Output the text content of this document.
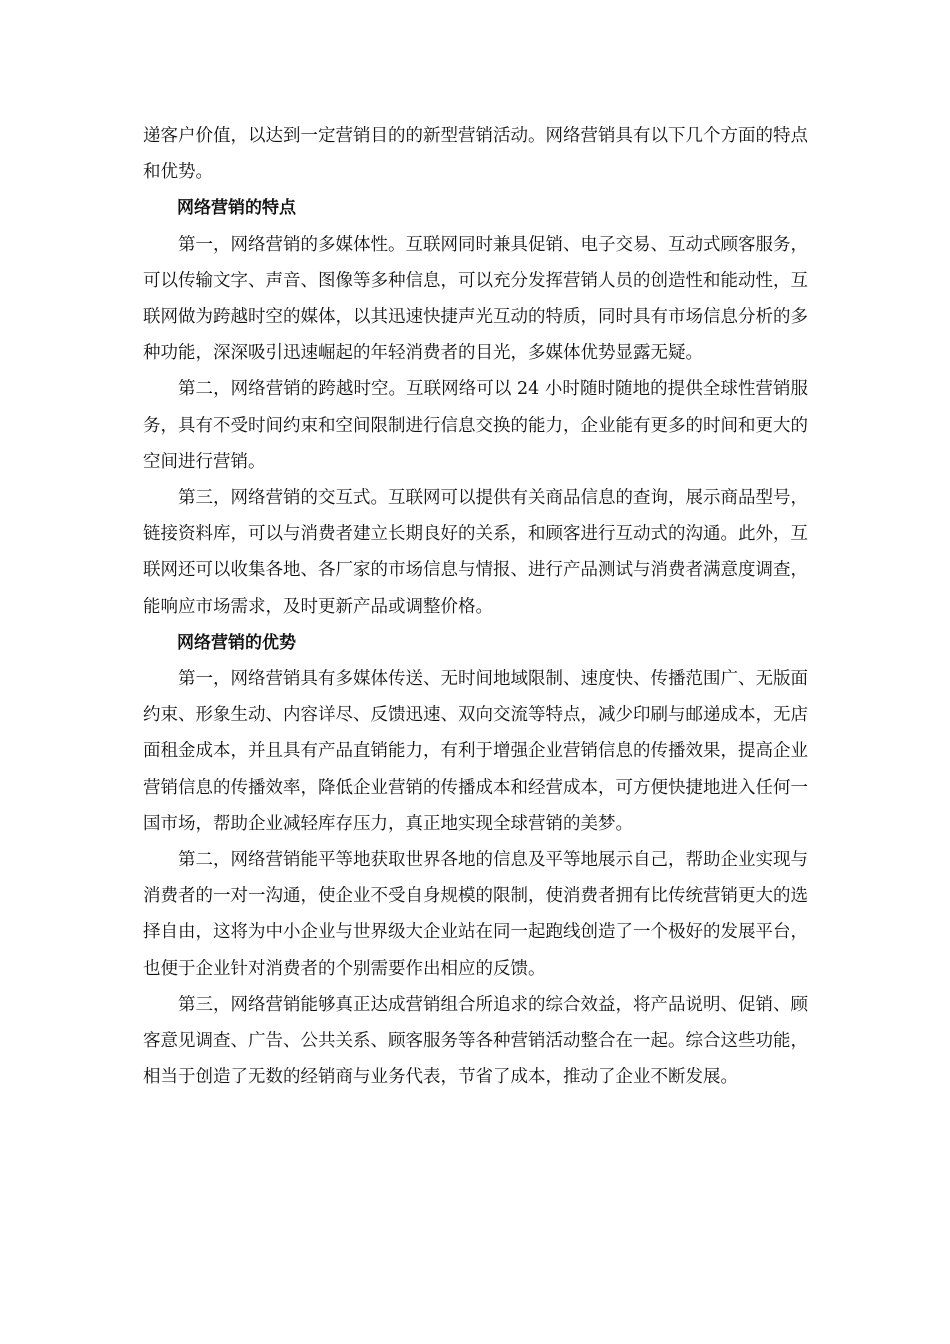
递客户价值，以达到一定营销目的的新型营销活动。网络营销具有以下几个方面的特点和优势。

网络营销的特点

第一，网络营销的多媒体性。互联网同时兼具促销、电子交易、互动式顾客服务，可以传输文字、声音、图像等多种信息，可以充分发挥营销人员的创造性和能动性，互联网做为跨越时空的媒体，以其迅速快捷声光互动的特质，同时具有市场信息分析的多种功能，深深吸引迅速崛起的年轻消费者的目光，多媒体优势显露无疑。

第二，网络营销的跨越时空。互联网络可以 24 小时随时随地的提供全球性营销服务，具有不受时间约束和空间限制进行信息交换的能力，企业能有更多的时间和更大的空间进行营销。

第三，网络营销的交互式。互联网可以提供有关商品信息的查询，展示商品型号，链接资料库，可以与消费者建立长期良好的关系，和顾客进行互动式的沟通。此外，互联网还可以收集各地、各厂家的市场信息与情报、进行产品测试与消费者满意度调查，能响应市场需求，及时更新产品或调整价格。

网络营销的优势

第一，网络营销具有多媒体传送、无时间地域限制、速度快、传播范围广、无版面约束、形象生动、内容详尽、反馈迅速、双向交流等特点，减少印刷与邮递成本，无店面租金成本，并且具有产品直销能力，有利于增强企业营销信息的传播效果，提高企业营销信息的传播效率，降低企业营销的传播成本和经营成本，可方便快捷地进入任何一国市场，帮助企业减轻库存压力，真正地实现全球营销的美梦。

第二，网络营销能平等地获取世界各地的信息及平等地展示自己，帮助企业实现与消费者的一对一沟通，使企业不受自身规模的限制，使消费者拥有比传统营销更大的选择自由，这将为中小企业与世界级大企业站在同一起跑线创造了一个极好的发展平台，也便于企业针对消费者的个别需要作出相应的反馈。

第三，网络营销能够真正达成营销组合所追求的综合效益，将产品说明、促销、顾客意见调查、广告、公共关系、顾客服务等各种营销活动整合在一起。综合这些功能，相当于创造了无数的经销商与业务代表，节省了成本，推动了企业不断发展。
